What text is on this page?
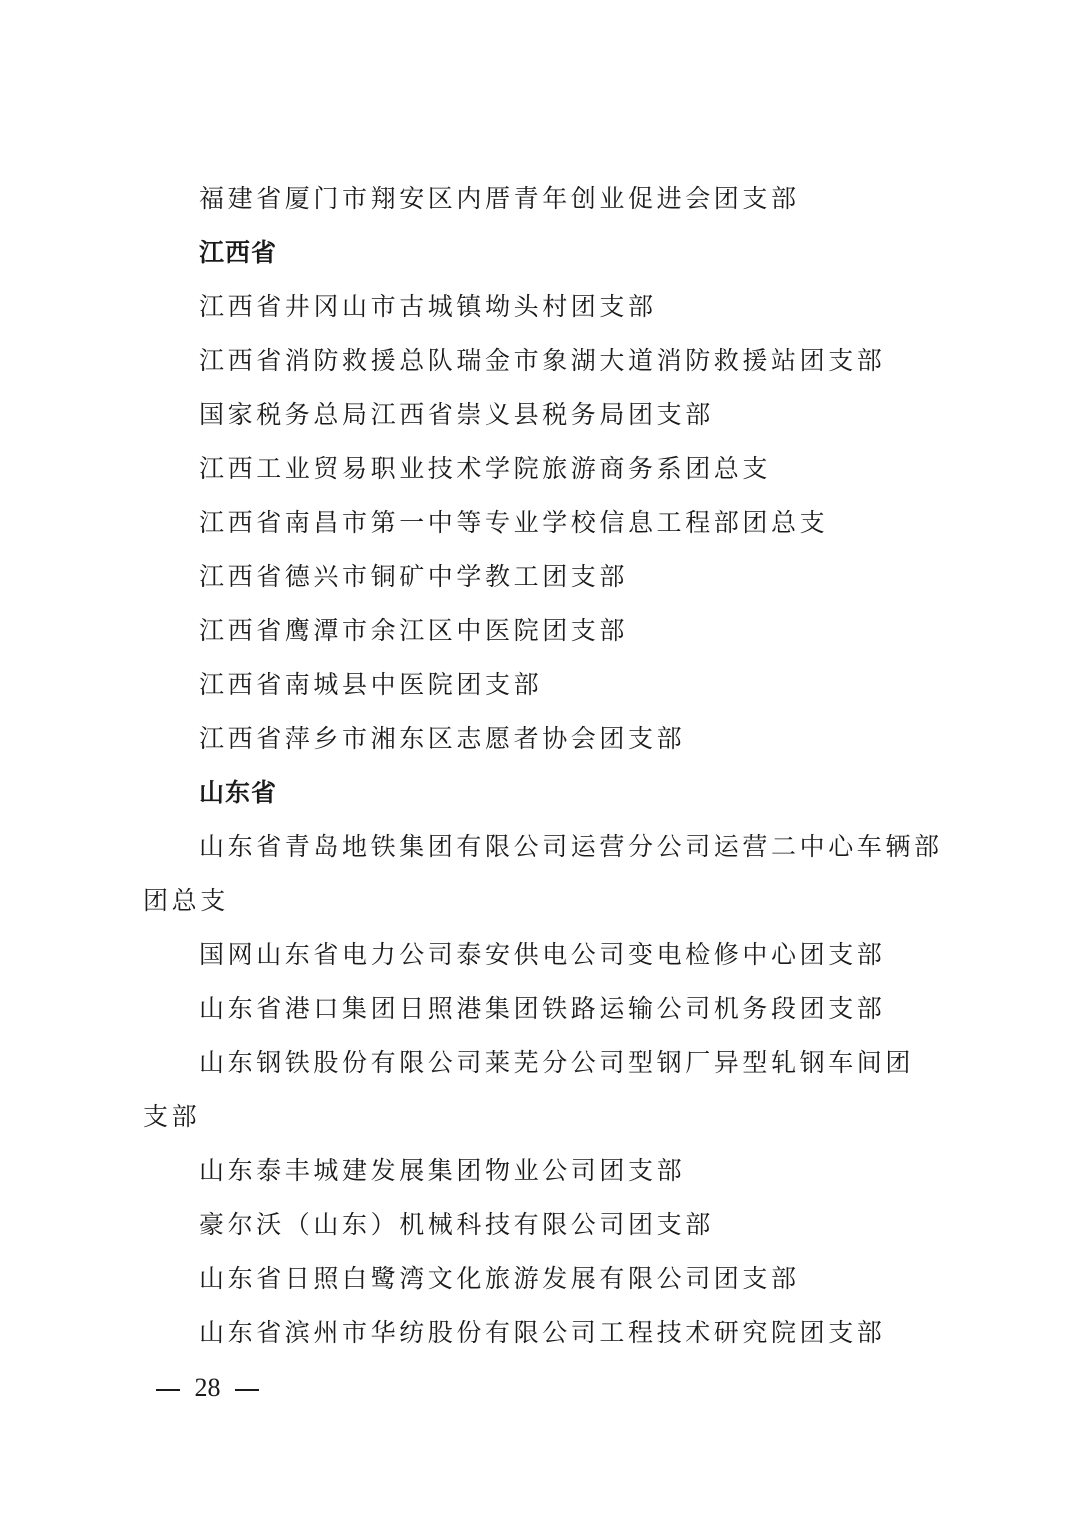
福建省厦门市翔安区内厝青年创业促进会团支部
江西省
江西省井冈山市古城镇坳头村团支部
江西省消防救援总队瑞金市象湖大道消防救援站团支部
国家税务总局江西省崇义县税务局团支部
江西工业贸易职业技术学院旅游商务系团总支
江西省南昌市第一中等专业学校信息工程部团总支
江西省德兴市铜矿中学教工团支部
江西省鹰潭市余江区中医院团支部
江西省南城县中医院团支部
江西省萍乡市湘东区志愿者协会团支部
山东省
山东省青岛地铁集团有限公司运营分公司运营二中心车辆部
团总支
国网山东省电力公司泰安供电公司变电检修中心团支部
山东省港口集团日照港集团铁路运输公司机务段团支部
山东钢铁股份有限公司莱芜分公司型钢厂异型轧钢车间团
支部
山东泰丰城建发展集团物业公司团支部
豪尔沃（山东）机械科技有限公司团支部
山东省日照白鹭湾文化旅游发展有限公司团支部
山东省滨州市华纺股份有限公司工程技术研究院团支部
28
